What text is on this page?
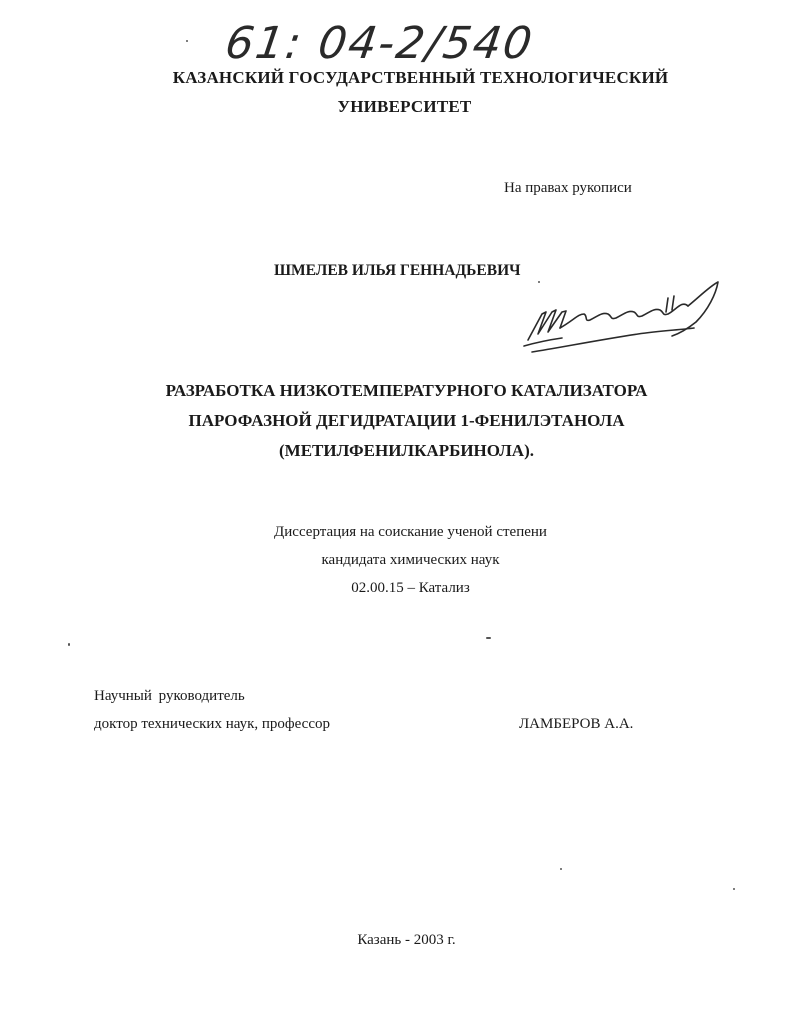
61: 04-2/540
КАЗАНСКИЙ ГОСУДАРСТВЕННЫЙ ТЕХНОЛОГИЧЕСКИЙ
УНИВЕРСИТЕТ
На правах рукописи
ШМЕЛЕВ ИЛЬЯ ГЕННАДЬЕВИЧ
РАЗРАБОТКА НИЗКОТЕМПЕРАТУРНОГО КАТАЛИЗАТОРА
ПАРОФАЗНОЙ ДЕГИДРАТАЦИИ 1-ФЕНИЛЭТАНОЛА
(МЕТИЛФЕНИЛКАРБИНОЛА).
Диссертация на соискание ученой степени
кандидата химических наук
02.00.15 – Катализ
Научный руководитель
доктор технических наук, профессор	ЛАМБЕРОВ А.А.
Казань - 2003 г.
